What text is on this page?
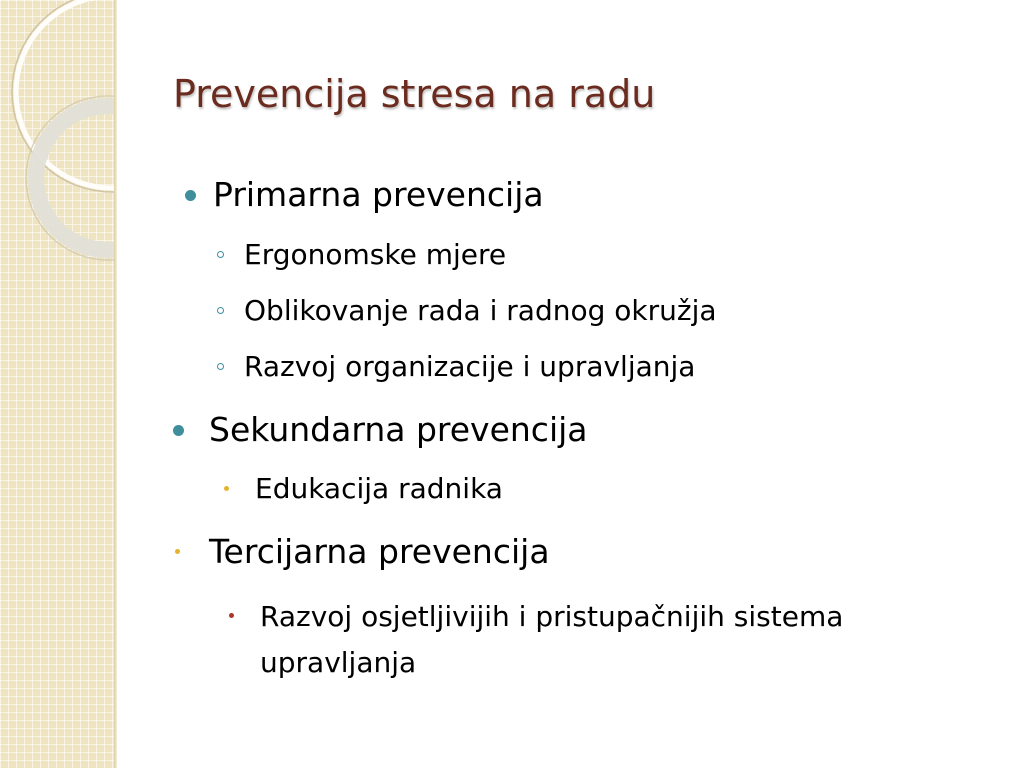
Prevencija stresa na radu
Primarna prevencija
Ergonomske mjere
Oblikovanje rada i radnog okružja
Razvoj organizacije i upravljanja
Sekundarna prevencija
Edukacija radnika
Tercijarna prevencija
Razvoj osjetljivijih i pristupačnijih sistema
upravljanja
